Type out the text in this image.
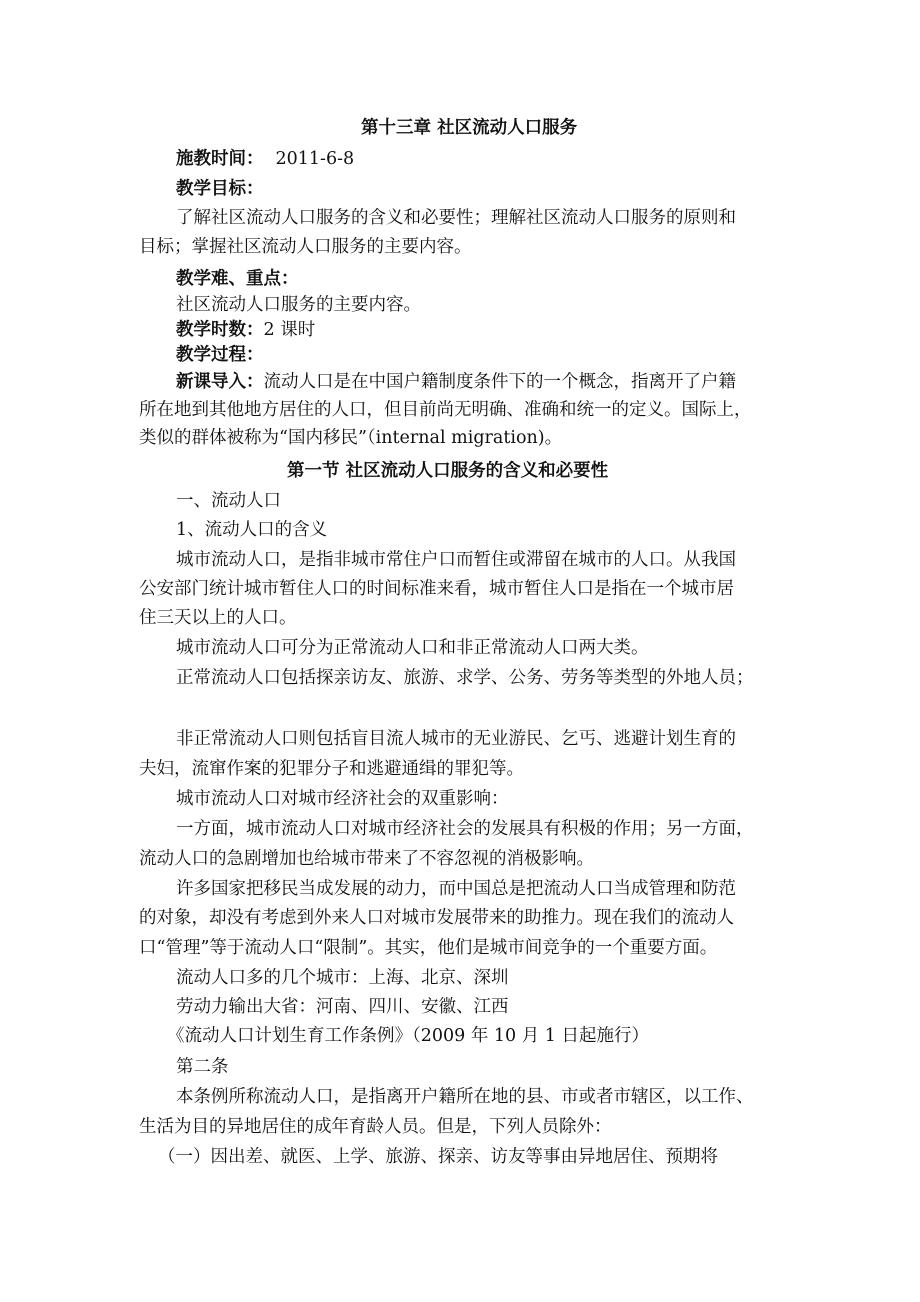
第十三章 社区流动人口服务
施教时间： 2011-6-8
教学目标：
了解社区流动人口服务的含义和必要性；理解社区流动人口服务的原则和
目标；掌握社区流动人口服务的主要内容。
教学难、重点：
社区流动人口服务的主要内容。
教学时数：2 课时
教学过程：
新课导入：流动人口是在中国户籍制度条件下的一个概念，指离开了户籍
所在地到其他地方居住的人口，但目前尚无明确、准确和统一的定义。国际上，
类似的群体被称为“国内移民”（internal migration)。
第一节 社区流动人口服务的含义和必要性
一、流动人口
1、流动人口的含义
城市流动人口，是指非城市常住户口而暂住或滞留在城市的人口。从我国
公安部门统计城市暂住人口的时间标准来看，城市暂住人口是指在一个城市居
住三天以上的人口。
城市流动人口可分为正常流动人口和非正常流动人口两大类。
正常流动人口包括探亲访友、旅游、求学、公务、劳务等类型的外地人员；
非正常流动人口则包括盲目流人城市的无业游民、乞丐、逃避计划生育的
夫妇，流窜作案的犯罪分子和逃避通缉的罪犯等。
城市流动人口对城市经济社会的双重影响：
一方面，城市流动人口对城市经济社会的发展具有积极的作用；另一方面，
流动人口的急剧增加也给城市带来了不容忽视的消极影响。
许多国家把移民当成发展的动力，而中国总是把流动人口当成管理和防范
的对象，却没有考虑到外来人口对城市发展带来的助推力。现在我们的流动人
口“管理”等于流动人口“限制”。其实，他们是城市间竞争的一个重要方面。
流动人口多的几个城市：上海、北京、深圳
劳动力输出大省：河南、四川、安徽、江西
《流动人口计划生育工作条例》（2009 年 10 月 1 日起施行）
第二条
本条例所称流动人口，是指离开户籍所在地的县、市或者市辖区，以工作、
生活为目的异地居住的成年育龄人员。但是，下列人员除外：
（一）因出差、就医、上学、旅游、探亲、访友等事由异地居住、预期将
